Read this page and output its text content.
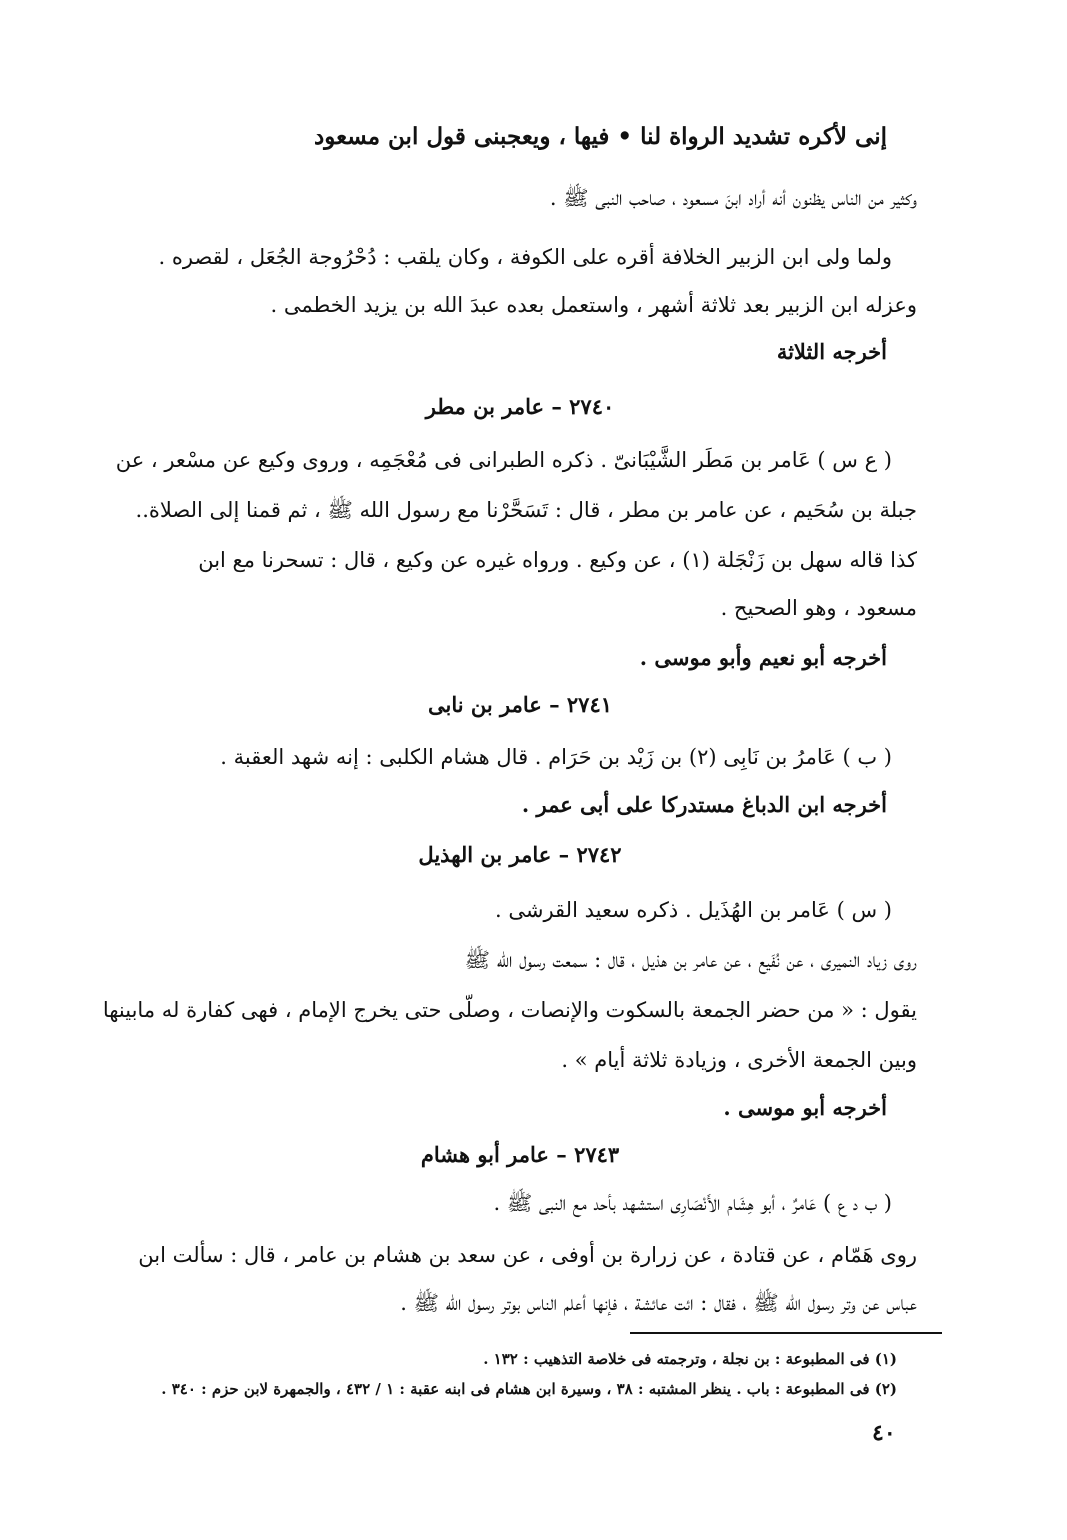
إنى لأكره تشديد الرواة لنا • فيها ، ويعجبنى قول ابن مسعود
وكثير من الناس يظنون أنه أراد ابنَ مسعود ، صاحب النبى ﷺ .
ولما ولى ابن الزبير الخلافة أقره على الكوفة ، وكان يلقب : دُحْرُوجة الجُعَل ، لقصره .
وعزله ابن الزبير بعد ثلاثة أشهر ، واستعمل بعده عبدَ الله بن يزيد الخطمى .
أخرجه الثلاثة
٢٧٤٠ – عامر بن مطر
( ع س ) عَامر بن مَطَر الشَّيْبَانىّ . ذكره الطبرانى فى مُعْجَمِه ، وروى وكيع عن مسْعر ، عن
جبلة بن سُحَيم ، عن عامر بن مطر ، قال : تَسَحَّرْنا مع رسول الله ﷺ ، ثم قمنا إلى الصلاة..
كذا قاله سهل بن زَنْجَلة (١) ، عن وكيع . ورواه غيره عن وكيع ، قال : تسحرنا مع ابن
مسعود ، وهو الصحيح .
أخرجه أبو نعيم وأبو موسى .
٢٧٤١ – عامر بن نابى
( ب ) عَامرُ بن نَابِى (٢) بن زَيْد بن حَرَام . قال هشام الكلبى : إنه شهد العقبة .
أخرجه ابن الدباغ مستدركا على أبى عمر .
٢٧٤٢ – عامر بن الهذيل
( س ) عَامر بن الهُذَيل . ذكره سعيد القرشى .
روى زياد النميرى ، عن نُفَيع ، عن عامر بن هذيل ، قال : سمعت رسول الله ﷺ
يقول : « من حضر الجمعة بالسكوت والإنصات ، وصلّى حتى يخرج الإمام ، فهى كفارة له مابينها
وبين الجمعة الأخرى ، وزيادة ثلاثة أيام » .
أخرجه أبو موسى .
٢٧٤٣ – عامر أبو هشام
( ب د ع ) عَامرٌ ، أبو هِشَام الأَنْصَارِى استشهد بأحد مع النبى ﷺ .
روى هَمّام ، عن قتادة ، عن زرارة بن أوفى ، عن سعد بن هشام بن عامر ، قال : سألت ابن
عباس عن وتر رسول الله ﷺ ، فقال : ائت عائشة ، فإنها أعلم الناس بوتر رسول الله ﷺ .
(١) فى المطبوعة : بن نجلة ، وترجمته فى خلاصة التذهيب : ١٣٢ .
(٢) فى المطبوعة : باب . ينظر المشتبه : ٣٨ ، وسيرة ابن هشام فى ابنه عقبة : ١ / ٤٣٢ ، والجمهرة لابن حزم : ٣٤٠ .
٤٠
